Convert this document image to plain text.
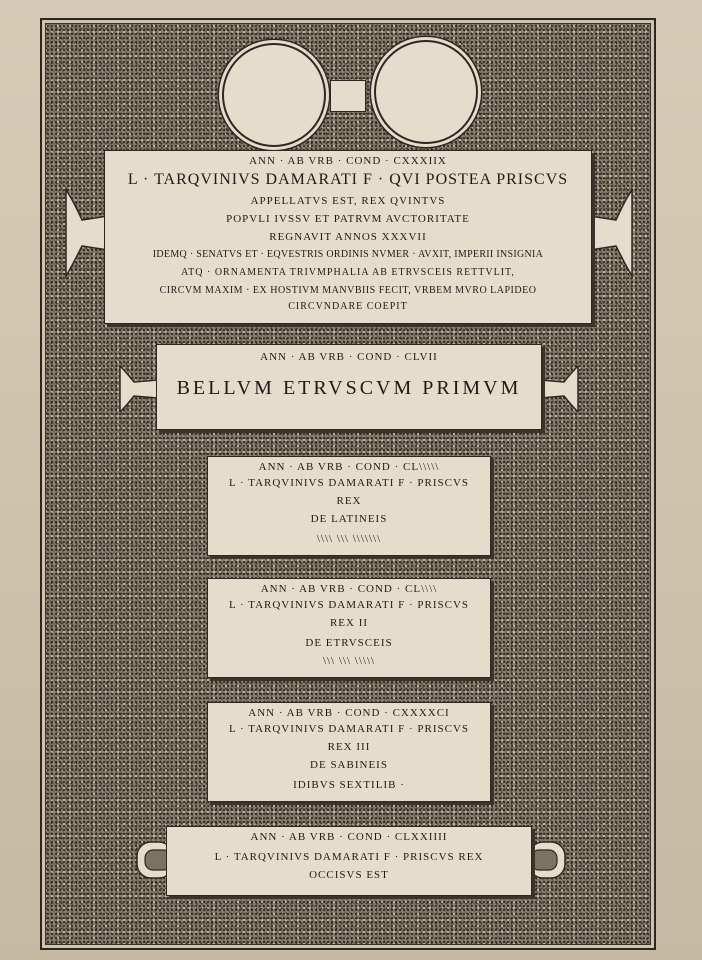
ANN · AB VRB · COND · CXXXIIX
L · TARQVINIVS DAMARATI F · QVI POSTEA PRISCVS
APPELLATVS EST, REX QVINTVS
POPVLI IVSSV ET PATRVM AVCTORITATE
REGNAVIT ANNOS XXXVII
IDEMQ · SENATVS ET · EQVESTRIS ORDINIS NVMER · AVXIT, IMPERII INSIGNIA
ATQ · ORNAMENTA TRIVMPHALIA AB ETRVSCEIS RETTVLIT,
CIRCVM MAXIM · EX HOSTIVM MANVBIIS FECIT, VRBEM MVRO LAPIDEO
CIRCVNDARE COEPIT
ANN · AB VRB · COND · CLVII
BELLVM ETRVSCVM PRIMVM
ANN · AB VRB · COND · CL\\\\\
L · TARQVINIVS DAMARATI F · PRISCVS
REX
DE LATINEIS
\\\\ \\\ \\\\\\\
ANN · AB VRB · COND · CL\\\\
L · TARQVINIVS DAMARATI F · PRISCVS
REX II
DE ETRVSCEIS
\\\ \\\ \\\\\
ANN · AB VRB · COND · CXXXXCI
L · TARQVINIVS DAMARATI F · PRISCVS
REX III
DE SABINEIS
IDIBVS SEXTILIB ·
ANN · AB VRB · COND · CLXXIIII
L · TARQVINIVS DAMARATI F · PRISCVS REX
OCCISVS EST
